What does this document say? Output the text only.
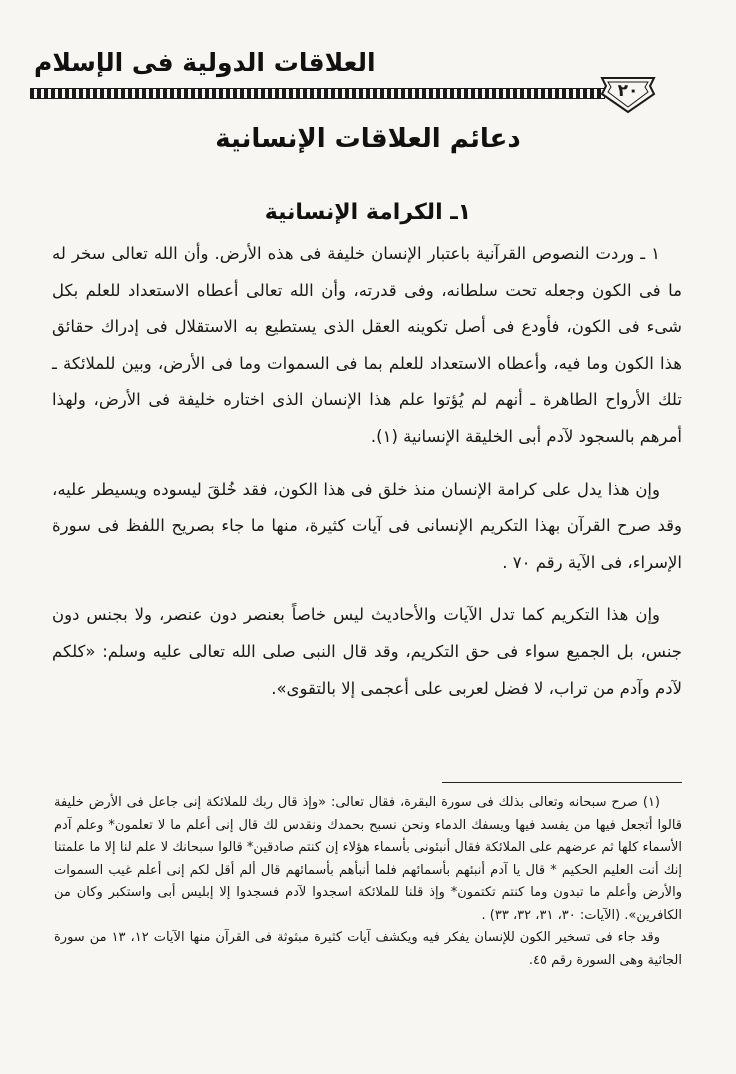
العلاقات الدولية فى الإسلام
٢٠
دعائم العلاقات الإنسانية
١ـ الكرامة الإنسانية

١ ـ وردت النصوص القرآنية باعتبار الإنسان خليفة فى هذه الأرض. وأن الله تعالى سخر له ما فى الكون وجعله تحت سلطانه، وفى قدرته، وأن الله تعالى أعطاه الاستعداد للعلم بكل شىء فى الكون، فأودع فى أصل تكوينه العقل الذى يستطيع به الاستقلال فى إدراك حقائق هذا الكون وما فيه، وأعطاه الاستعداد للعلم بما فى السموات وما فى الأرض، وبين للملائكة ـ تلك الأرواح الطاهرة ـ أنهم لم يُؤتوا علم هذا الإنسان الذى اختاره خليفة فى الأرض، ولهذا أمرهم بالسجود لآدم أبى الخليقة الإنسانية (١).

وإن هذا يدل على كرامة الإنسان منذ خلق فى هذا الكون، فقد خُلقَ ليسوده ويسيطر عليه، وقد صرح القرآن بهذا التكريم الإنسانى فى آيات كثيرة، منها ما جاء بصريح اللفظ فى سورة الإسراء، فى الآية رقم ٧٠ .

وإن هذا التكريم كما تدل الآيات والأحاديث ليس خاصاً بعنصر دون عنصر، ولا بجنس دون جنس، بل الجميع سواء فى حق التكريم، وقد قال النبى صلى الله تعالى عليه وسلم: «كلكم لآدم وآدم من تراب، لا فضل لعربى على أعجمى إلا بالتقوى».

(١) صرح سبحانه وتعالى بذلك فى سورة البقرة، فقال تعالى: «وإذ قال ربك للملائكة إنى جاعل فى الأرض خليفة قالوا أتجعل فيها من يفسد فيها ويسفك الدماء ونحن نسبح بحمدك ونقدس لك قال إنى أعلم ما لا تعلمون* وعلم آدم الأسماء كلها ثم عرضهم على الملائكة فقال أنبئونى بأسماء هؤلاء إن كنتم صادقين* قالوا سبحانك لا علم لنا إلا ما علمتنا إنك أنت العليم الحكيم * قال يا آدم أنبئهم بأسمائهم فلما أنبأهم بأسمائهم قال ألم أقل لكم إنى أعلم غيب السموات والأرض وأعلم ما تبدون وما كنتم تكتمون* وإذ قلنا للملائكة اسجدوا لآدم فسجدوا إلا إبليس أبى واستكبر وكان من الكافرين». (الآيات: ٣٠، ٣١، ٣٢، ٣٣) .

وقد جاء فى تسخير الكون للإنسان يفكر فيه ويكشف آيات كثيرة مبثوثة فى القرآن منها الآيات ١٢، ١٣ من سورة الجاثية وهى السورة رقم ٤٥.
